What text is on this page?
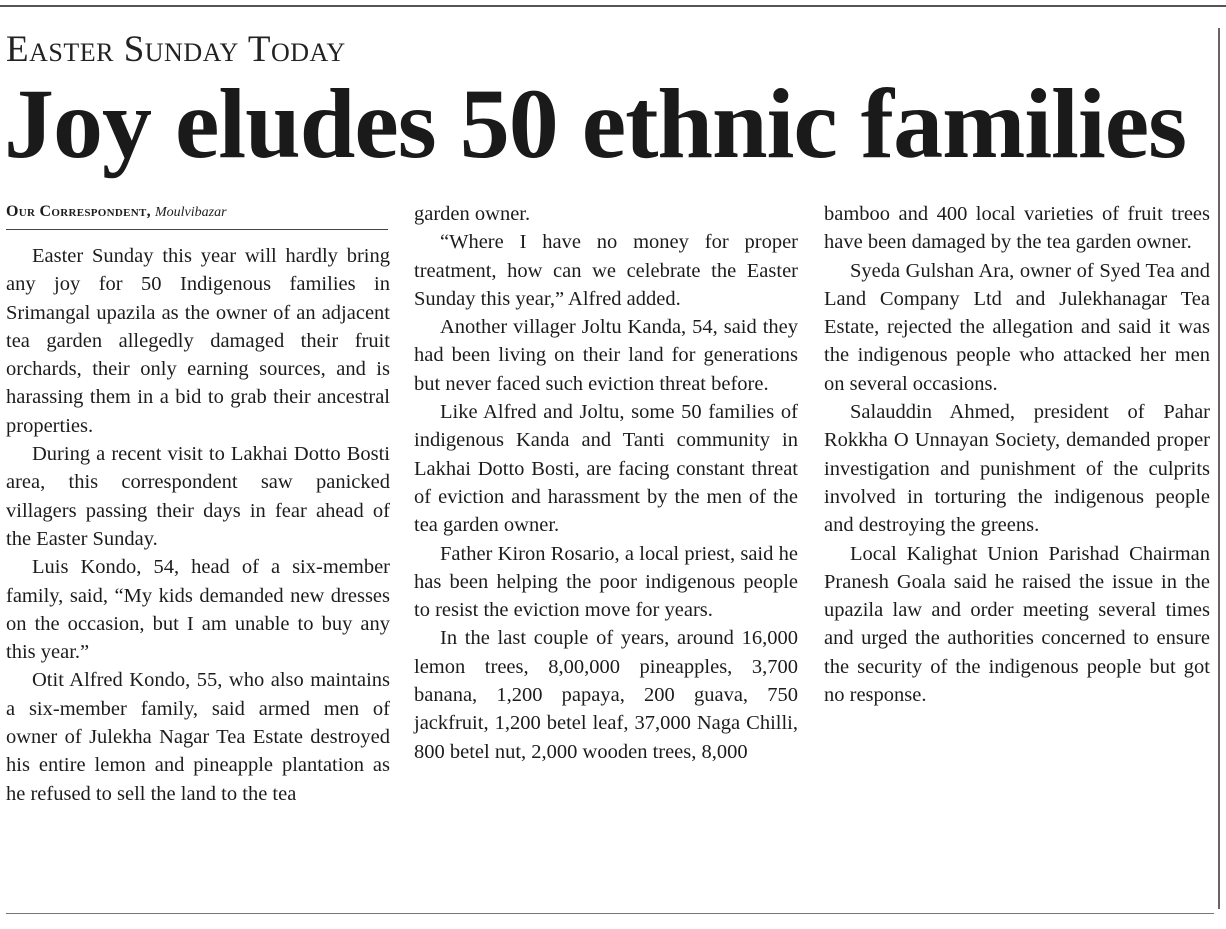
Easter Sunday Today
Joy eludes 50 ethnic families
Our Correspondent, Moulvibazar

Easter Sunday this year will hardly bring any joy for 50 Indigenous families in Srimangal upazila as the owner of an adjacent tea garden allegedly damaged their fruit orchards, their only earning sources, and is harassing them in a bid to grab their ancestral properties.

During a recent visit to Lakhai Dotto Bosti area, this correspondent saw panicked villagers passing their days in fear ahead of the Easter Sunday.

Luis Kondo, 54, head of a six-member family, said, “My kids demanded new dresses on the occasion, but I am unable to buy any this year.”

Otit Alfred Kondo, 55, who also maintains a six-member family, said armed men of owner of Julekha Nagar Tea Estate destroyed his entire lemon and pineapple plantation as he refused to sell the land to the tea

garden owner.

“Where I have no money for proper treatment, how can we celebrate the Easter Sunday this year,” Alfred added.

Another villager Joltu Kanda, 54, said they had been living on their land for generations but never faced such eviction threat before.

Like Alfred and Joltu, some 50 families of indigenous Kanda and Tanti community in Lakhai Dotto Bosti, are facing constant threat of eviction and harassment by the men of the tea garden owner.

Father Kiron Rosario, a local priest, said he has been helping the poor indigenous people to resist the eviction move for years.

In the last couple of years, around 16,000 lemon trees, 8,00,000 pineapples, 3,700 banana, 1,200 papaya, 200 guava, 750 jackfruit, 1,200 betel leaf, 37,000 Naga Chilli, 800 betel nut, 2,000 wooden trees, 8,000

bamboo and 400 local varieties of fruit trees have been damaged by the tea garden owner.

Syeda Gulshan Ara, owner of Syed Tea and Land Company Ltd and Julekhanagar Tea Estate, rejected the allegation and said it was the indigenous people who attacked her men on several occasions.

Salauddin Ahmed, president of Pahar Rokkha O Unnayan Society, demanded proper investigation and punishment of the culprits involved in torturing the indigenous people and destroying the greens.

Local Kalighat Union Parishad Chairman Pranesh Goala said he raised the issue in the upazila law and order meeting several times and urged the authorities concerned to ensure the security of the indigenous people but got no response.
